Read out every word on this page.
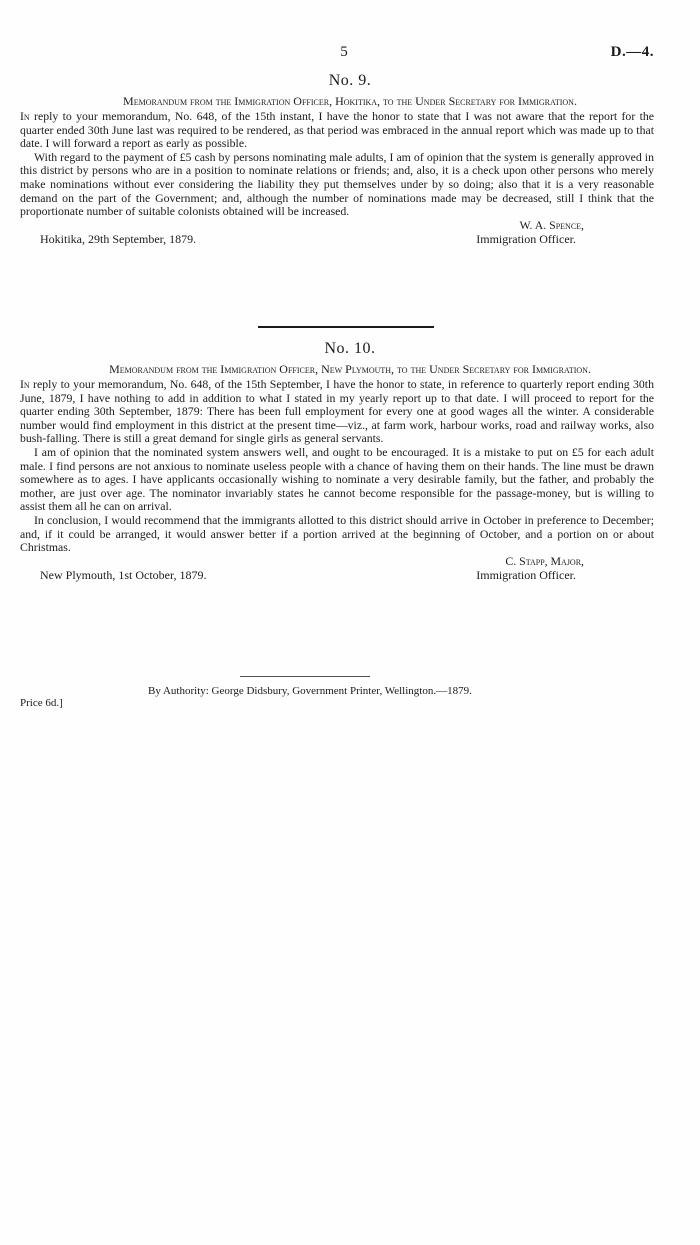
5	D.—4.
No. 9.
Memorandum from the Immigration Officer, Hokitika, to the Under Secretary for Immigration.

In reply to your memorandum, No. 648, of the 15th instant, I have the honor to state that I was not aware that the report for the quarter ended 30th June last was required to be rendered, as that period was embraced in the annual report which was made up to that date. I will forward a report as early as possible.

With regard to the payment of £5 cash by persons nominating male adults, I am of opinion that the system is generally approved in this district by persons who are in a position to nominate relations or friends; and, also, it is a check upon other persons who merely make nominations without ever considering the liability they put themselves under by so doing; also that it is a very reasonable demand on the part of the Government; and, although the number of nominations made may be decreased, still I think that the proportionate number of suitable colonists obtained will be increased.

W. A. Spence,
Hokitika, 29th September, 1879.	Immigration Officer.
No. 10.
Memorandum from the Immigration Officer, New Plymouth, to the Under Secretary for Immigration.

In reply to your memorandum, No. 648, of the 15th September, I have the honor to state, in reference to quarterly report ending 30th June, 1879, I have nothing to add in addition to what I stated in my yearly report up to that date. I will proceed to report for the quarter ending 30th September, 1879: There has been full employment for every one at good wages all the winter. A considerable number would find employment in this district at the present time—viz., at farm work, harbour works, road and railway works, also bush-falling. There is still a great demand for single girls as general servants.

I am of opinion that the nominated system answers well, and ought to be encouraged. It is a mistake to put on £5 for each adult male. I find persons are not anxious to nominate useless people with a chance of having them on their hands. The line must be drawn somewhere as to ages. I have applicants occasionally wishing to nominate a very desirable family, but the father, and probably the mother, are just over age. The nominator invariably states he cannot become responsible for the passage-money, but is willing to assist them all he can on arrival.

In conclusion, I would recommend that the immigrants allotted to this district should arrive in October in preference to December; and, if it could be arranged, it would answer better if a portion arrived at the beginning of October, and a portion on or about Christmas.

C. Stapp, Major,
New Plymouth, 1st October, 1879.	Immigration Officer.
By Authority: George Didsbury, Government Printer, Wellington.—1879.
Price 6d.]
